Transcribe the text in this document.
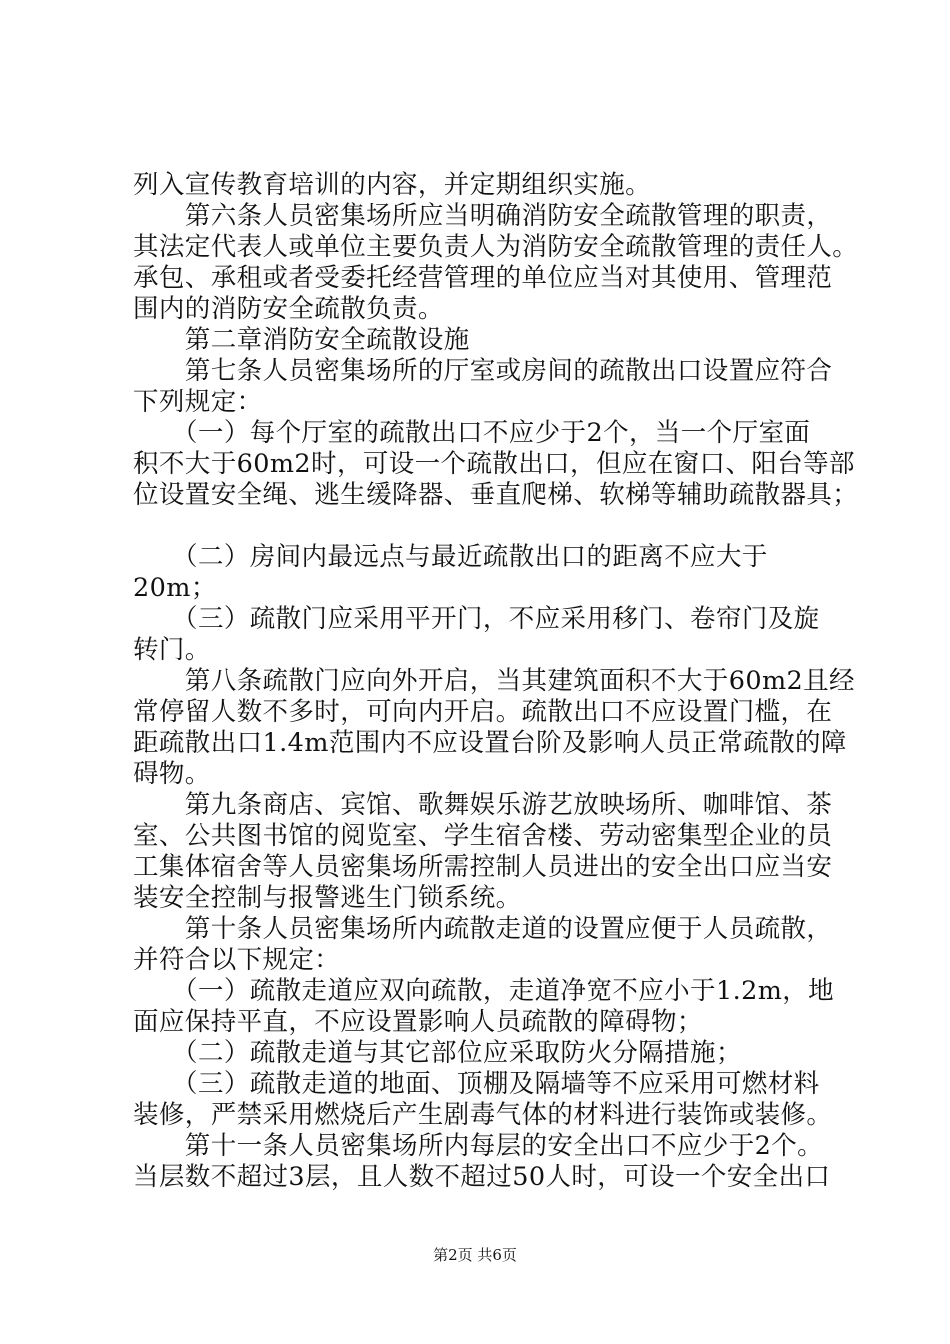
列入宣传教育培训的内容，并定期组织实施。
　　第六条人员密集场所应当明确消防安全疏散管理的职责，
其法定代表人或单位主要负责人为消防安全疏散管理的责任人。
承包、承租或者受委托经营管理的单位应当对其使用、管理范
围内的消防安全疏散负责。
　　第二章消防安全疏散设施
　　第七条人员密集场所的厅室或房间的疏散出口设置应符合
下列规定：
　　（一）每个厅室的疏散出口不应少于2个，当一个厅室面
积不大于60m2时，可设一个疏散出口，但应在窗口、阳台等部
位设置安全绳、逃生缓降器、垂直爬梯、软梯等辅助疏散器具；
　　（二）房间内最远点与最近疏散出口的距离不应大于
20m；
　　（三）疏散门应采用平开门，不应采用移门、卷帘门及旋
转门。
　　第八条疏散门应向外开启，当其建筑面积不大于60m2且经
常停留人数不多时，可向内开启。疏散出口不应设置门槛，在
距疏散出口1.4m范围内不应设置台阶及影响人员正常疏散的障
碍物。
　　第九条商店、宾馆、歌舞娱乐游艺放映场所、咖啡馆、茶
室、公共图书馆的阅览室、学生宿舍楼、劳动密集型企业的员
工集体宿舍等人员密集场所需控制人员进出的安全出口应当安
装安全控制与报警逃生门锁系统。
　　第十条人员密集场所内疏散走道的设置应便于人员疏散，
并符合以下规定：
　　（一）疏散走道应双向疏散，走道净宽不应小于1.2m，地
面应保持平直，不应设置影响人员疏散的障碍物；
　　（二）疏散走道与其它部位应采取防火分隔措施；
　　（三）疏散走道的地面、顶棚及隔墙等不应采用可燃材料
装修，严禁采用燃烧后产生剧毒气体的材料进行装饰或装修。
　　第十一条人员密集场所内每层的安全出口不应少于2个。
当层数不超过3层，且人数不超过50人时，可设一个安全出口
第2页 共6页
